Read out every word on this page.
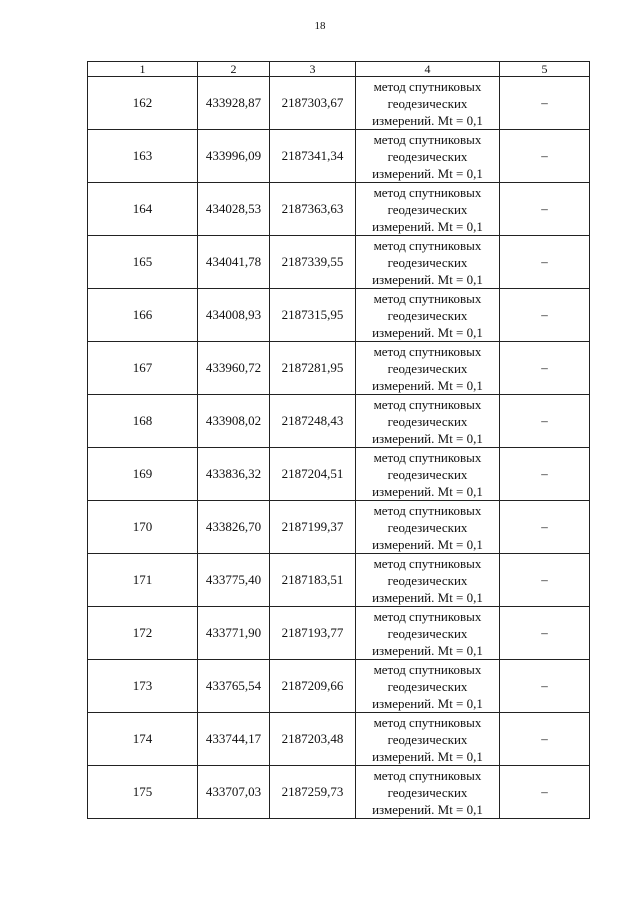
18
1	2	3	4	5
162	433928,87	2187303,67	метод спутниковых
геодезических
измерений. Mt = 0,1	–
163	433996,09	2187341,34	метод спутниковых
геодезических
измерений. Mt = 0,1	–
164	434028,53	2187363,63	метод спутниковых
геодезических
измерений. Mt = 0,1	–
165	434041,78	2187339,55	метод спутниковых
геодезических
измерений. Mt = 0,1	–
166	434008,93	2187315,95	метод спутниковых
геодезических
измерений. Mt = 0,1	–
167	433960,72	2187281,95	метод спутниковых
геодезических
измерений. Mt = 0,1	–
168	433908,02	2187248,43	метод спутниковых
геодезических
измерений. Mt = 0,1	–
169	433836,32	2187204,51	метод спутниковых
геодезических
измерений. Mt = 0,1	–
170	433826,70	2187199,37	метод спутниковых
геодезических
измерений. Mt = 0,1	–
171	433775,40	2187183,51	метод спутниковых
геодезических
измерений. Mt = 0,1	–
172	433771,90	2187193,77	метод спутниковых
геодезических
измерений. Mt = 0,1	–
173	433765,54	2187209,66	метод спутниковых
геодезических
измерений. Mt = 0,1	–
174	433744,17	2187203,48	метод спутниковых
геодезических
измерений. Mt = 0,1	–
175	433707,03	2187259,73	метод спутниковых
геодезических
измерений. Mt = 0,1	–
